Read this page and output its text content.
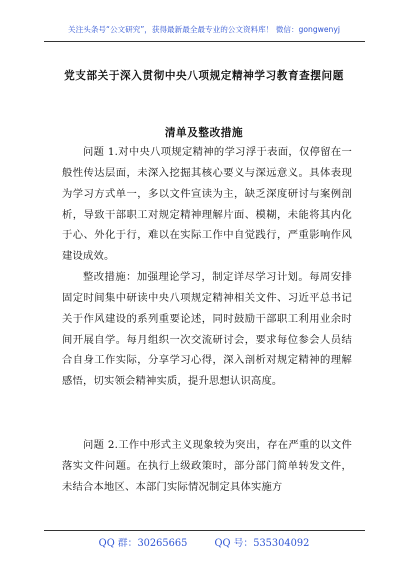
关注头条号“公文研究”，获得最新最全最专业的公文资料库！ 微信：gongwenyj
党支部关于深入贯彻中央八项规定精神学习教育查摆问题
清单及整改措施

问题 1.对中央八项规定精神的学习浮于表面，仅停留在一般性传达层面，未深入挖掘其核心要义与深远意义。具体表现为学习方式单一，多以文件宣读为主，缺乏深度研讨与案例剖析，导致干部职工对规定精神理解片面、模糊，未能将其内化于心、外化于行，难以在实际工作中自觉践行，严重影响作风建设成效。

整改措施：加强理论学习，制定详尽学习计划。每周安排固定时间集中研读中央八项规定精神相关文件、习近平总书记关于作风建设的系列重要论述，同时鼓励干部职工利用业余时间开展自学。每月组织一次交流研讨会，要求每位参会人员结合自身工作实际，分享学习心得，深入剖析对规定精神的理解感悟，切实领会精神实质，提升思想认识高度。

问题 2.工作中形式主义现象较为突出，存在严重的以文件落实文件问题。在执行上级政策时，部分部门简单转发文件，未结合本地区、本部门实际情况制定具体实施方

QQ 群：30265665	QQ 号：535304092
